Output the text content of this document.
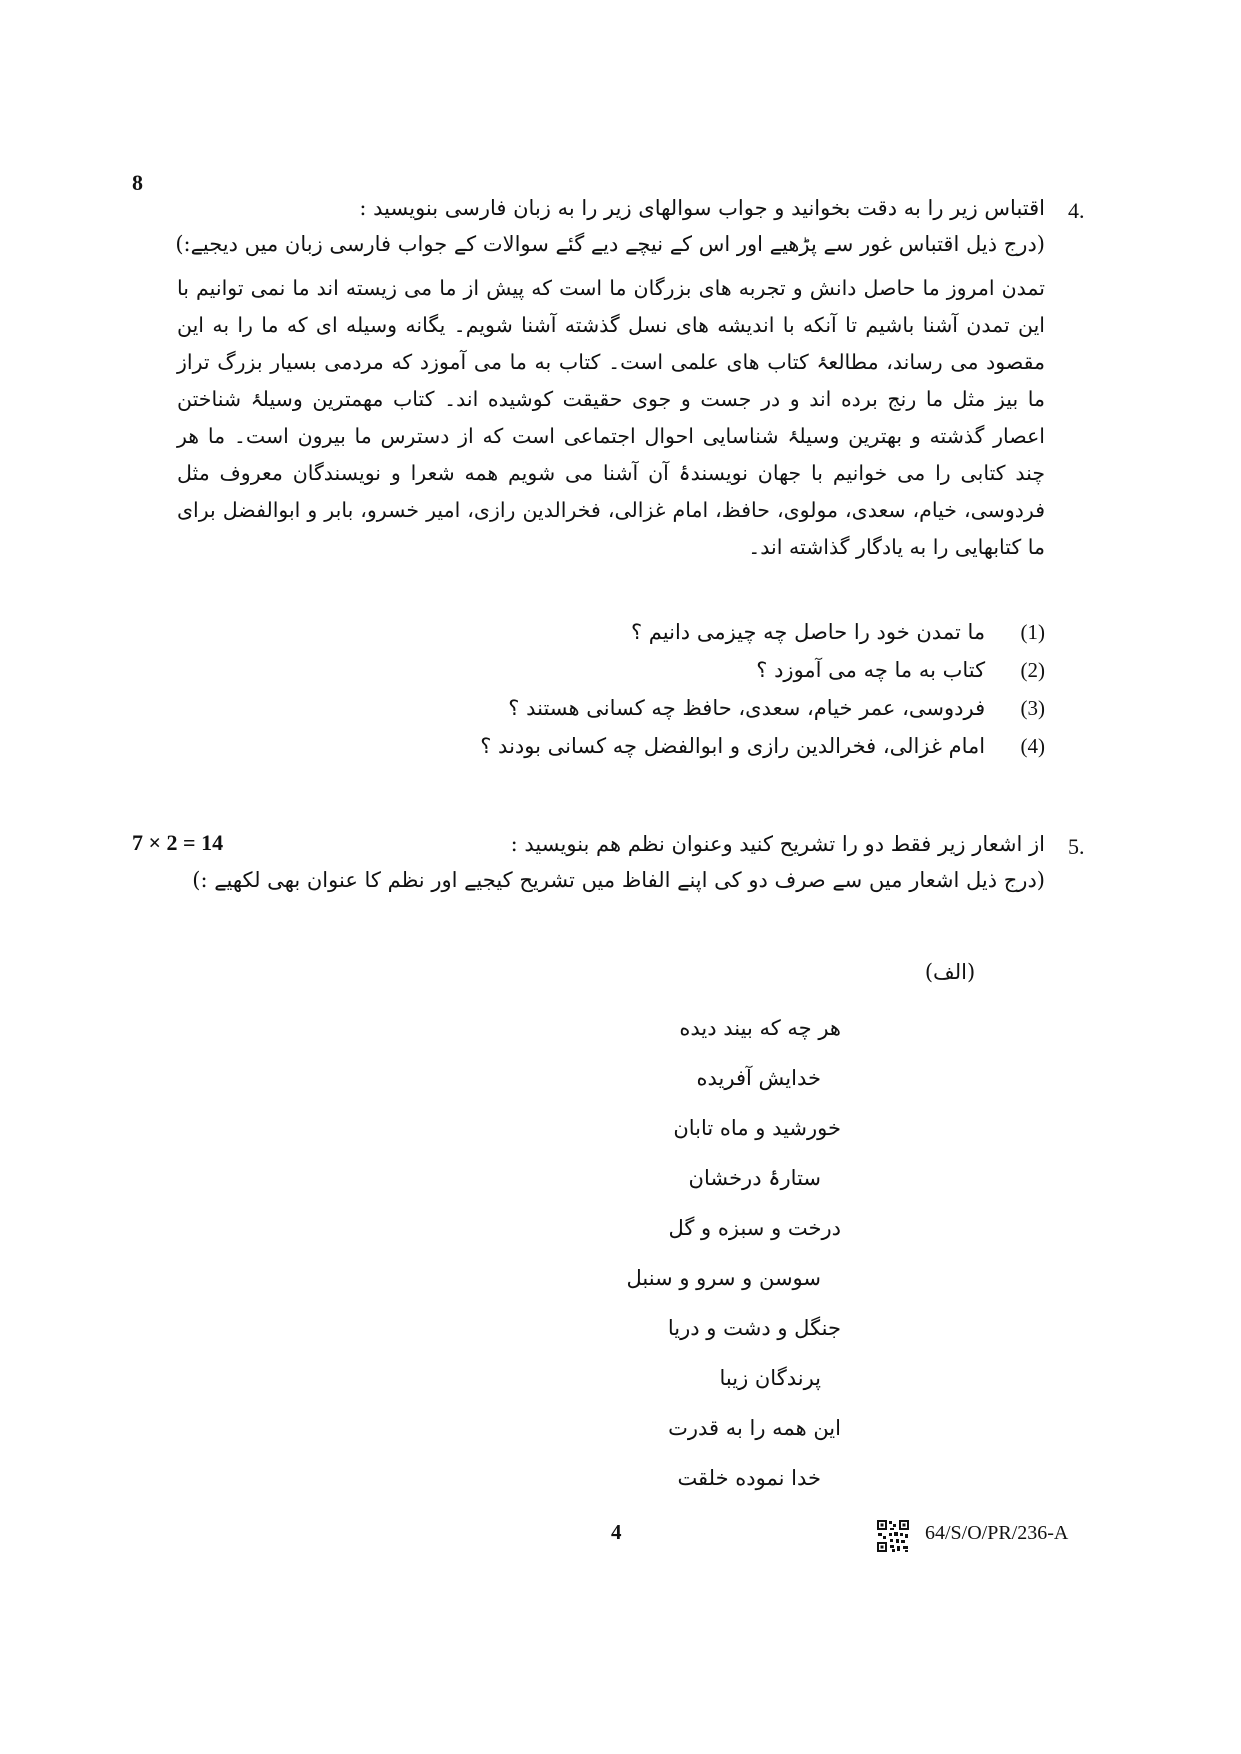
8
4.
اقتباس زیر را به دقت بخوانید و جواب سوالهای زیر را به زبان فارسی بنویسید :
(درج ذیل اقتباس غور سے پڑھیے اور اس کے نیچے دیے گئے سوالات کے جواب فارسی زبان میں دیجیے:)
تمدن امروز ما حاصل دانش و تجربه های بزرگان ما است که پیش از ما می زیسته اند ما نمی توانیم با این تمدن آشنا باشیم تا آنکه با اندیشه های نسل گذشته آشنا شویم۔ یگانه وسیله ای که ما را به این مقصود می رساند، مطالعۂ کتاب های علمی است۔ کتاب به ما می آموزد که مردمی بسیار بزرگ تراز ما بیز مثل ما رنج برده اند و در جست و جوی حقیقت کوشیده اند۔ کتاب مهمترین وسیلۂ شناختن اعصار گذشته و بهترین وسیلۂ شناسایی احوال اجتماعی است که از دسترس ما بیرون است۔ ما هر چند کتابی را می خوانیم با جهان نویسندۂ آن آشنا می شویم همه شعرا و نویسندگان معروف مثل فردوسی، خیام، سعدی، مولوی، حافظ، امام غزالی، فخرالدین رازی، امیر خسرو، بابر و ابوالفضل برای ما کتابهایی را به یادگار گذاشته اند۔
(1)  ما تمدن خود را حاصل چه چیزمی دانیم ؟
(2)  کتاب به ما چه می آموزد ؟
(3)  فردوسی، عمر خیام، سعدی، حافظ چه کسانی هستند ؟
(4)  امام غزالی، فخرالدین رازی و ابوالفضل چه کسانی بودند ؟
7 × 2 = 14	5.
از اشعار زیر فقط دو را تشریح کنید وعنوان نظم هم بنویسید :
(درج ذیل اشعار میں سے صرف دو کی اپنے الفاظ میں تشریح کیجیے اور نظم کا عنوان بھی لکھیے :)
(الف)
هر چه که بیند دیده
خدایش آفریده
خورشید و ماه تابان
ستارۂ درخشان
درخت و سبزه و گل
سوسن و سرو و سنبل
جنگل و دشت و دریا
پرندگان زیبا
این همه را به قدرت
خدا نموده خلقت
4	64/S/O/PR/236-A
